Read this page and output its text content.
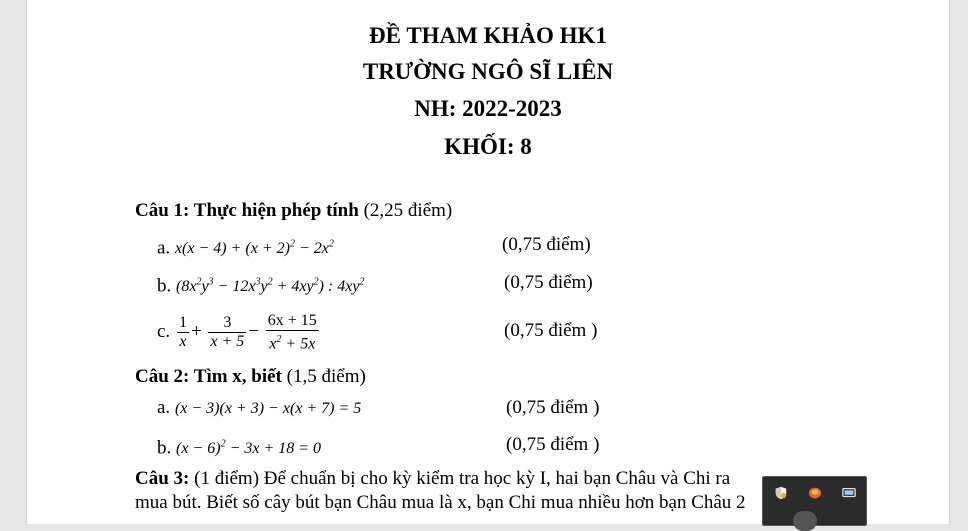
ĐỀ THAM KHẢO HK1
TRƯỜNG NGÔ SĨ LIÊN
NH: 2022-2023
KHỐI: 8
Câu 1: Thực hiện phép tính (2,25 điểm)
a. $x(x - 4) + (x + 2)^2 - 2x^2$	(0,75 điểm)
b. $(8x^2y^3 - 12x^3y^2 + 4xy^2)$ : $4xy^2$	(0,75 điểm)
c. $\frac{1}{x} + \frac{3}{x + 5} - \frac{6x + 15}{x^2 + 5x}$	(0,75 điểm )
Câu 2: Tìm x, biết (1,5 điểm)
a. (x − 3)(x + 3) − x(x + 7) = 5	(0,75 điểm )
b. $(x - 6)^2 - 3x + 18 = 0$	(0,75 điểm )
Câu 3: (1 điểm) Để chuẩn bị cho kỳ kiểm tra học kỳ I, hai bạn Châu và Chi ra
mua bút. Biết số cây bút bạn Châu mua là x, bạn Chi mua nhiều hơn bạn Châu 2
